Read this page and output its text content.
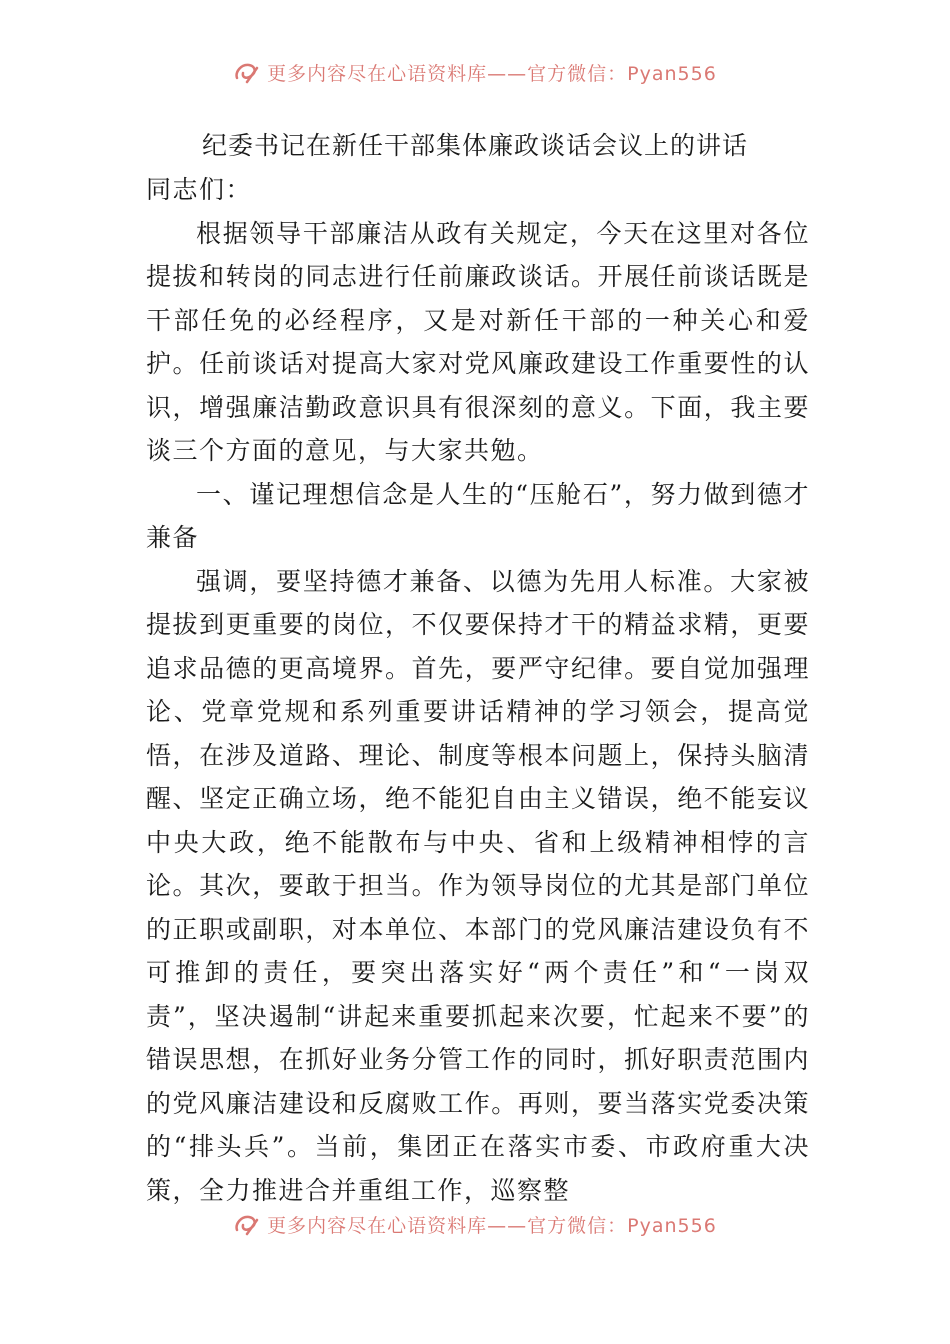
更多内容尽在心语资料库——官方微信：Pyan556
纪委书记在新任干部集体廉政谈话会议上的讲话

同志们：

根据领导干部廉洁从政有关规定，今天在这里对各位提拔和转岗的同志进行任前廉政谈话。开展任前谈话既是干部任免的必经程序，又是对新任干部的一种关心和爱护。任前谈话对提高大家对党风廉政建设工作重要性的认识，增强廉洁勤政意识具有很深刻的意义。下面，我主要谈三个方面的意见，与大家共勉。

一、谨记理想信念是人生的“压舱石”，努力做到德才兼备

强调，要坚持德才兼备、以德为先用人标准。大家被提拔到更重要的岗位，不仅要保持才干的精益求精，更要追求品德的更高境界。首先，要严守纪律。要自觉加强理论、党章党规和系列重要讲话精神的学习领会，提高觉悟，在涉及道路、理论、制度等根本问题上，保持头脑清醒、坚定正确立场，绝不能犯自由主义错误，绝不能妄议中央大政，绝不能散布与中央、省和上级精神相悖的言论。其次，要敢于担当。作为领导岗位的尤其是部门单位的正职或副职，对本单位、本部门的党风廉洁建设负有不可推卸的责任，要突出落实好“两个责任”和“一岗双责”，坚决遏制“讲起来重要抓起来次要，忙起来不要”的错误思想，在抓好业务分管工作的同时，抓好职责范围内的党风廉洁建设和反腐败工作。再则，要当落实党委决策的“排头兵”。当前，集团正在落实市委、市政府重大决策，全力推进合并重组工作，巡察整

更多内容尽在心语资料库——官方微信：Pyan556
